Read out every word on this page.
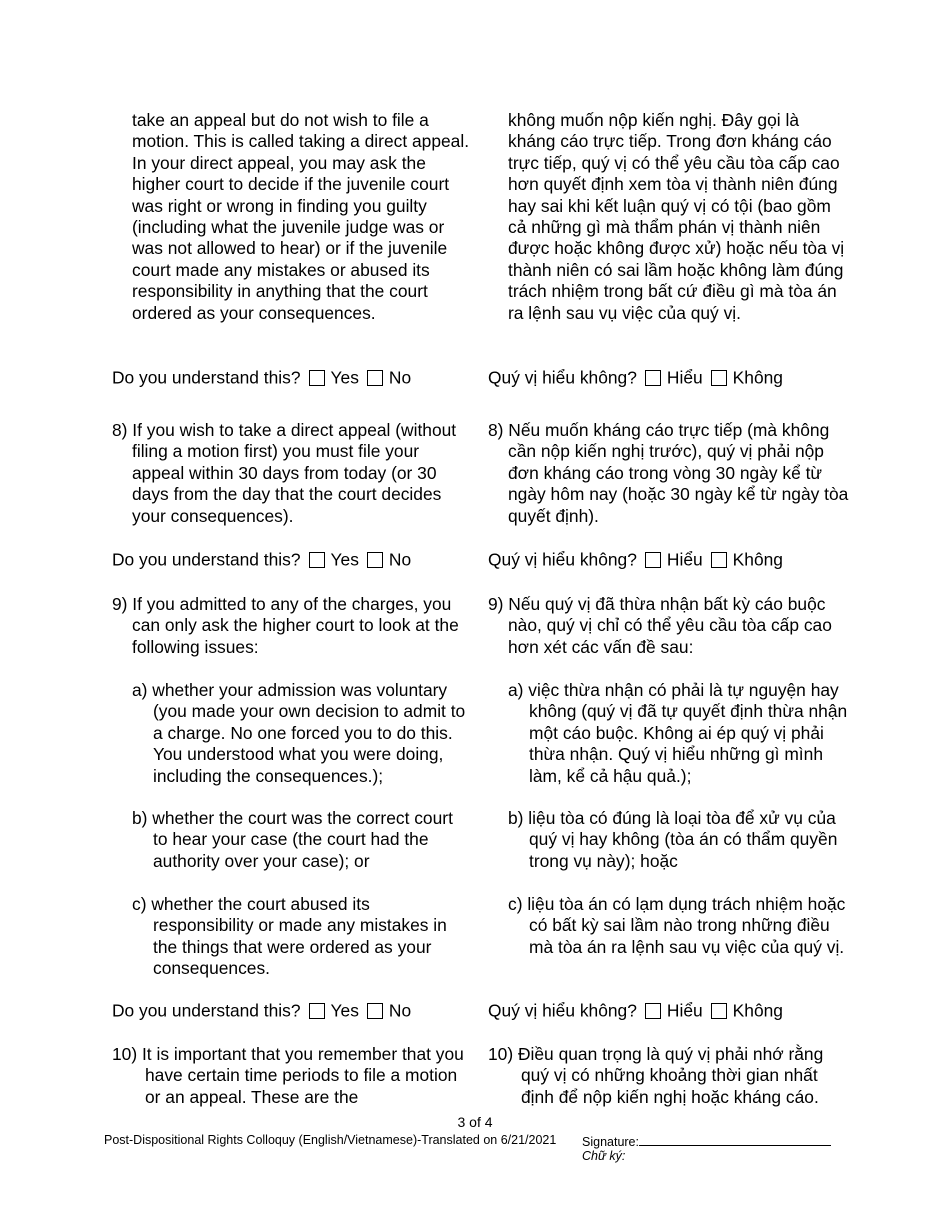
take an appeal but do not wish to file a motion. This is called taking a direct appeal. In your direct appeal, you may ask the higher court to decide if the juvenile court was right or wrong in finding you guilty (including what the juvenile judge was or was not allowed to hear) or if the juvenile court made any mistakes or abused its responsibility in anything that the court ordered as your consequences.

Do you understand this? Yes No

8) If you wish to take a direct appeal (without filing a motion first) you must file your appeal within 30 days from today (or 30 days from the day that the court decides your consequences).

Do you understand this? Yes No

9) If you admitted to any of the charges, you can only ask the higher court to look at the following issues:

a) whether your admission was voluntary (you made your own decision to admit to a charge. No one forced you to do this. You understood what you were doing, including the consequences.);

b) whether the court was the correct court to hear your case (the court had the authority over your case); or

c) whether the court abused its responsibility or made any mistakes in the things that were ordered as your consequences.

Do you understand this? Yes No

10) It is important that you remember that you have certain time periods to file a motion or an appeal. These are the

không muốn nộp kiến nghị. Đây gọi là kháng cáo trực tiếp. Trong đơn kháng cáo trực tiếp, quý vị có thể yêu cầu tòa cấp cao hơn quyết định xem tòa vị thành niên đúng hay sai khi kết luận quý vị có tội (bao gồm cả những gì mà thẩm phán vị thành niên được hoặc không được xử) hoặc nếu tòa vị thành niên có sai lầm hoặc không làm đúng trách nhiệm trong bất cứ điều gì mà tòa án ra lệnh sau vụ việc của quý vị.

Quý vị hiểu không? Hiểu Không

8) Nếu muốn kháng cáo trực tiếp (mà không cần nộp kiến nghị trước), quý vị phải nộp đơn kháng cáo trong vòng 30 ngày kể từ ngày hôm nay (hoặc 30 ngày kể từ ngày tòa quyết định).

Quý vị hiểu không? Hiểu Không

9) Nếu quý vị đã thừa nhận bất kỳ cáo buộc nào, quý vị chỉ có thể yêu cầu tòa cấp cao hơn xét các vấn đề sau:

a) việc thừa nhận có phải là tự nguyện hay không (quý vị đã tự quyết định thừa nhận một cáo buộc. Không ai ép quý vị phải thừa nhận. Quý vị hiểu những gì mình làm, kể cả hậu quả.);

b) liệu tòa có đúng là loại tòa để xử vụ của quý vị hay không (tòa án có thẩm quyền trong vụ này); hoặc

c) liệu tòa án có lạm dụng trách nhiệm hoặc có bất kỳ sai lầm nào trong những điều mà tòa án ra lệnh sau vụ việc của quý vị.

Quý vị hiểu không? Hiểu Không

10) Điều quan trọng là quý vị phải nhớ rằng quý vị có những khoảng thời gian nhất định để nộp kiến nghị hoặc kháng cáo.

3 of 4
Post-Dispositional Rights Colloquy (English/Vietnamese)-Translated on 6/21/2021 Signature:
Chữ ký:
